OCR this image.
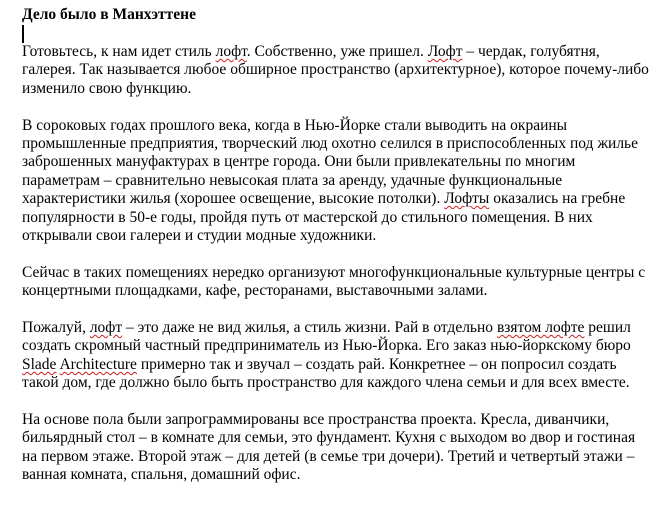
Дело было в Манхэттене

Готовьтесь, к нам идет стиль лофт. Собственно, уже пришел. Лофт – чердак, голубятня, галерея. Так называется любое обширное пространство (архитектурное), которое почему-либо изменило свою функцию.

В сороковых годах прошлого века, когда в Нью-Йорке стали выводить на окраины промышленные предприятия, творческий люд охотно селился в приспособленных под жилье заброшенных мануфактурах в центре города. Они были привлекательны по многим параметрам – сравнительно невысокая плата за аренду, удачные функциональные характеристики жилья (хорошее освещение, высокие потолки). Лофты оказались на гребне популярности в 50-е годы, пройдя путь от мастерской до стильного помещения. В них открывали свои галереи и студии модные художники.

Сейчас в таких помещениях нередко организуют многофункциональные культурные центры с концертными площадками, кафе, ресторанами, выставочными залами.

Пожалуй, лофт – это даже не вид жилья, а стиль жизни. Рай в отдельно взятом лофте решил создать скромный частный предприниматель из Нью-Йорка. Его заказ нью-йоркскому бюро Slade Architecture примерно так и звучал – создать рай. Конкретнее – он попросил создать такой дом, где должно было быть пространство для каждого члена семьи и для всех вместе.

На основе пола были запрограммированы все пространства проекта. Кресла, диванчики, бильярдный стол – в комнате для семьи, это фундамент. Кухня с выходом во двор и гостиная на первом этаже. Второй этаж – для детей (в семье три дочери). Третий и четвертый этажи – ванная комната, спальня, домашний офис.
